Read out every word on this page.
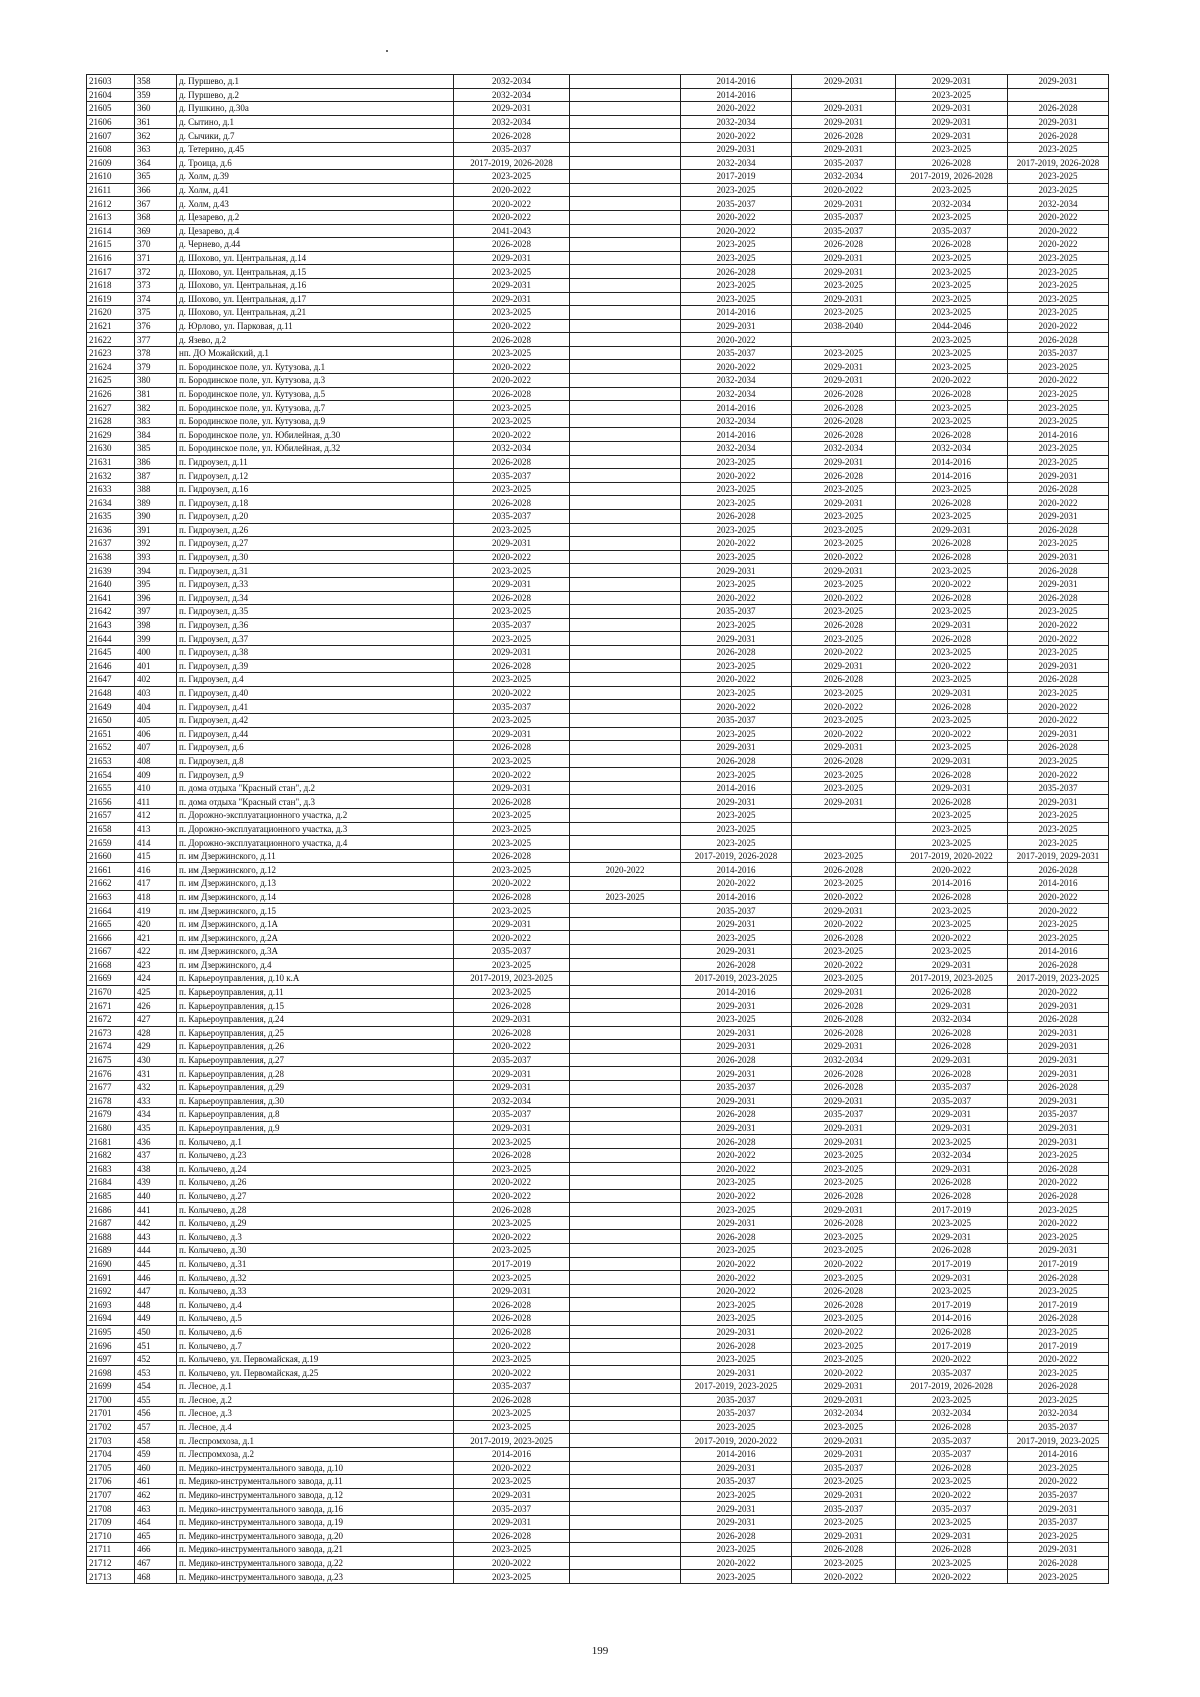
21603	358	д. Пуршево, д.1	2032-2034		2014-2016	2029-2031	2029-2031	2029-2031
21604	359	д. Пуршево, д.2	2032-2034		2014-2016		2023-2025	
21605	360	д. Пушкино, д.30а	2029-2031		2020-2022	2029-2031	2029-2031	2026-2028
21606	361	д. Сытино, д.1	2032-2034		2032-2034	2029-2031	2029-2031	2029-2031
21607	362	д. Сычики, д.7	2026-2028		2020-2022	2026-2028	2029-2031	2026-2028
21608	363	д. Тетерино, д.45	2035-2037		2029-2031	2029-2031	2023-2025	2023-2025
21609	364	д. Троица, д.6	2017-2019, 2026-2028		2032-2034	2035-2037	2026-2028	2017-2019, 2026-2028
21610	365	д. Холм, д.39	2023-2025		2017-2019	2032-2034	2017-2019, 2026-2028	2023-2025
21611	366	д. Холм, д.41	2020-2022		2023-2025	2020-2022	2023-2025	2023-2025
21612	367	д. Холм, д.43	2020-2022		2035-2037	2029-2031	2032-2034	2032-2034
21613	368	д. Цезарево, д.2	2020-2022		2020-2022	2035-2037	2023-2025	2020-2022
21614	369	д. Цезарево, д.4	2041-2043		2020-2022	2035-2037	2035-2037	2020-2022
21615	370	д. Чернево, д.44	2026-2028		2023-2025	2026-2028	2026-2028	2020-2022
21616	371	д. Шохово, ул. Центральная, д.14	2029-2031		2023-2025	2029-2031	2023-2025	2023-2025
21617	372	д. Шохово, ул. Центральная, д.15	2023-2025		2026-2028	2029-2031	2023-2025	2023-2025
21618	373	д. Шохово, ул. Центральная, д.16	2029-2031		2023-2025	2023-2025	2023-2025	2023-2025
21619	374	д. Шохово, ул. Центральная, д.17	2029-2031		2023-2025	2029-2031	2023-2025	2023-2025
21620	375	д. Шохово, ул. Центральная, д.21	2023-2025		2014-2016	2023-2025	2023-2025	2023-2025
21621	376	д. Юрлово, ул. Парковая, д.11	2020-2022		2029-2031	2038-2040	2044-2046	2020-2022
21622	377	д. Язево, д.2	2026-2028		2020-2022		2023-2025	2026-2028
21623	378	нп. ДО Можайский, д.1	2023-2025		2035-2037	2023-2025	2023-2025	2035-2037
21624	379	п. Бородинское поле, ул. Кутузова, д.1	2020-2022		2020-2022	2029-2031	2023-2025	2023-2025
21625	380	п. Бородинское поле, ул. Кутузова, д.3	2020-2022		2032-2034	2029-2031	2020-2022	2020-2022
21626	381	п. Бородинское поле, ул. Кутузова, д.5	2026-2028		2032-2034	2026-2028	2026-2028	2023-2025
21627	382	п. Бородинское поле, ул. Кутузова, д.7	2023-2025		2014-2016	2026-2028	2023-2025	2023-2025
21628	383	п. Бородинское поле, ул. Кутузова, д.9	2023-2025		2032-2034	2026-2028	2023-2025	2023-2025
21629	384	п. Бородинское поле, ул. Юбилейная, д.30	2020-2022		2014-2016	2026-2028	2026-2028	2014-2016
21630	385	п. Бородинское поле, ул. Юбилейная, д.32	2032-2034		2032-2034	2032-2034	2032-2034	2023-2025
21631	386	п. Гидроузел, д.11	2026-2028		2023-2025	2029-2031	2014-2016	2023-2025
21632	387	п. Гидроузел, д.12	2035-2037		2020-2022	2026-2028	2014-2016	2029-2031
21633	388	п. Гидроузел, д.16	2023-2025		2023-2025	2023-2025	2023-2025	2026-2028
21634	389	п. Гидроузел, д.18	2026-2028		2023-2025	2029-2031	2026-2028	2020-2022
21635	390	п. Гидроузел, д.20	2035-2037		2026-2028	2023-2025	2023-2025	2029-2031
21636	391	п. Гидроузел, д.26	2023-2025		2023-2025	2023-2025	2029-2031	2026-2028
21637	392	п. Гидроузел, д.27	2029-2031		2020-2022	2023-2025	2026-2028	2023-2025
21638	393	п. Гидроузел, д.30	2020-2022		2023-2025	2020-2022	2026-2028	2029-2031
21639	394	п. Гидроузел, д.31	2023-2025		2029-2031	2029-2031	2023-2025	2026-2028
21640	395	п. Гидроузел, д.33	2029-2031		2023-2025	2023-2025	2020-2022	2029-2031
21641	396	п. Гидроузел, д.34	2026-2028		2020-2022	2020-2022	2026-2028	2026-2028
21642	397	п. Гидроузел, д.35	2023-2025		2035-2037	2023-2025	2023-2025	2023-2025
21643	398	п. Гидроузел, д.36	2035-2037		2023-2025	2026-2028	2029-2031	2020-2022
21644	399	п. Гидроузел, д.37	2023-2025		2029-2031	2023-2025	2026-2028	2020-2022
21645	400	п. Гидроузел, д.38	2029-2031		2026-2028	2020-2022	2023-2025	2023-2025
21646	401	п. Гидроузел, д.39	2026-2028		2023-2025	2029-2031	2020-2022	2029-2031
21647	402	п. Гидроузел, д.4	2023-2025		2020-2022	2026-2028	2023-2025	2026-2028
21648	403	п. Гидроузел, д.40	2020-2022		2023-2025	2023-2025	2029-2031	2023-2025
21649	404	п. Гидроузел, д.41	2035-2037		2020-2022	2020-2022	2026-2028	2020-2022
21650	405	п. Гидроузел, д.42	2023-2025		2035-2037	2023-2025	2023-2025	2020-2022
21651	406	п. Гидроузел, д.44	2029-2031		2023-2025	2020-2022	2020-2022	2029-2031
21652	407	п. Гидроузел, д.6	2026-2028		2029-2031	2029-2031	2023-2025	2026-2028
21653	408	п. Гидроузел, д.8	2023-2025		2026-2028	2026-2028	2029-2031	2023-2025
21654	409	п. Гидроузел, д.9	2020-2022		2023-2025	2023-2025	2026-2028	2020-2022
21655	410	п. дома отдыха "Красный стан", д.2	2029-2031		2014-2016	2023-2025	2029-2031	2035-2037
21656	411	п. дома отдыха "Красный стан", д.3	2026-2028		2029-2031	2029-2031	2026-2028	2029-2031
21657	412	п. Дорожно-эксплуатационного участка, д.2	2023-2025		2023-2025		2023-2025	2023-2025
21658	413	п. Дорожно-эксплуатационного участка, д.3	2023-2025		2023-2025		2023-2025	2023-2025
21659	414	п. Дорожно-эксплуатационного участка, д.4	2023-2025		2023-2025		2023-2025	2023-2025
21660	415	п. им Дзержинского, д.11	2026-2028		2017-2019, 2026-2028	2023-2025	2017-2019, 2020-2022	2017-2019, 2029-2031
21661	416	п. им Дзержинского, д.12	2023-2025	2020-2022	2014-2016	2026-2028	2020-2022	2026-2028
21662	417	п. им Дзержинского, д.13	2020-2022		2020-2022	2023-2025	2014-2016	2014-2016
21663	418	п. им Дзержинского, д.14	2026-2028	2023-2025	2014-2016	2020-2022	2026-2028	2020-2022
21664	419	п. им Дзержинского, д.15	2023-2025		2035-2037	2029-2031	2023-2025	2020-2022
21665	420	п. им Дзержинского, д.1А	2029-2031		2029-2031	2020-2022	2023-2025	2023-2025
21666	421	п. им Дзержинского, д.2А	2020-2022		2023-2025	2026-2028	2020-2022	2023-2025
21667	422	п. им Дзержинского, д.3А	2035-2037		2029-2031	2023-2025	2023-2025	2014-2016
21668	423	п. им Дзержинского, д.4	2023-2025		2026-2028	2020-2022	2029-2031	2026-2028
21669	424	п. Карьероуправления, д.10 к.А	2017-2019, 2023-2025		2017-2019, 2023-2025	2023-2025	2017-2019, 2023-2025	2017-2019, 2023-2025
21670	425	п. Карьероуправления, д.11	2023-2025		2014-2016	2029-2031	2026-2028	2020-2022
21671	426	п. Карьероуправления, д.15	2026-2028		2029-2031	2026-2028	2029-2031	2029-2031
21672	427	п. Карьероуправления, д.24	2029-2031		2023-2025	2026-2028	2032-2034	2026-2028
21673	428	п. Карьероуправления, д.25	2026-2028		2029-2031	2026-2028	2026-2028	2029-2031
21674	429	п. Карьероуправления, д.26	2020-2022		2029-2031	2029-2031	2026-2028	2029-2031
21675	430	п. Карьероуправления, д.27	2035-2037		2026-2028	2032-2034	2029-2031	2029-2031
21676	431	п. Карьероуправления, д.28	2029-2031		2029-2031	2026-2028	2026-2028	2029-2031
21677	432	п. Карьероуправления, д.29	2029-2031		2035-2037	2026-2028	2035-2037	2026-2028
21678	433	п. Карьероуправления, д.30	2032-2034		2029-2031	2029-2031	2035-2037	2029-2031
21679	434	п. Карьероуправления, д.8	2035-2037		2026-2028	2035-2037	2029-2031	2035-2037
21680	435	п. Карьероуправления, д.9	2029-2031		2029-2031	2029-2031	2029-2031	2029-2031
21681	436	п. Колычево, д.1	2023-2025		2026-2028	2029-2031	2023-2025	2029-2031
21682	437	п. Колычево, д.23	2026-2028		2020-2022	2023-2025	2032-2034	2023-2025
21683	438	п. Колычево, д.24	2023-2025		2020-2022	2023-2025	2029-2031	2026-2028
21684	439	п. Колычево, д.26	2020-2022		2023-2025	2023-2025	2026-2028	2020-2022
21685	440	п. Колычево, д.27	2020-2022		2020-2022	2026-2028	2026-2028	2026-2028
21686	441	п. Колычево, д.28	2026-2028		2023-2025	2029-2031	2017-2019	2023-2025
21687	442	п. Колычево, д.29	2023-2025		2029-2031	2026-2028	2023-2025	2020-2022
21688	443	п. Колычево, д.3	2020-2022		2026-2028	2023-2025	2029-2031	2023-2025
21689	444	п. Колычево, д.30	2023-2025		2023-2025	2023-2025	2026-2028	2029-2031
21690	445	п. Колычево, д.31	2017-2019		2020-2022	2020-2022	2017-2019	2017-2019
21691	446	п. Колычево, д.32	2023-2025		2020-2022	2023-2025	2029-2031	2026-2028
21692	447	п. Колычево, д.33	2029-2031		2020-2022	2026-2028	2023-2025	2023-2025
21693	448	п. Колычево, д.4	2026-2028		2023-2025	2026-2028	2017-2019	2017-2019
21694	449	п. Колычево, д.5	2026-2028		2023-2025	2023-2025	2014-2016	2026-2028
21695	450	п. Колычево, д.6	2026-2028		2029-2031	2020-2022	2026-2028	2023-2025
21696	451	п. Колычево, д.7	2020-2022		2026-2028	2023-2025	2017-2019	2017-2019
21697	452	п. Колычево, ул. Первомайская, д.19	2023-2025		2023-2025	2023-2025	2020-2022	2020-2022
21698	453	п. Колычево, ул. Первомайская, д.25	2020-2022		2029-2031	2020-2022	2035-2037	2023-2025
21699	454	п. Лесное, д.1	2035-2037		2017-2019, 2023-2025	2029-2031	2017-2019, 2026-2028	2026-2028
21700	455	п. Лесное, д.2	2026-2028		2035-2037	2029-2031	2023-2025	2023-2025
21701	456	п. Лесное, д.3	2023-2025		2035-2037	2032-2034	2032-2034	2032-2034
21702	457	п. Лесное, д.4	2023-2025		2023-2025	2023-2025	2026-2028	2035-2037
21703	458	п. Леспромхоза, д.1	2017-2019, 2023-2025		2017-2019, 2020-2022	2029-2031	2035-2037	2017-2019, 2023-2025
21704	459	п. Леспромхоза, д.2	2014-2016		2014-2016	2029-2031	2035-2037	2014-2016
21705	460	п. Медико-инструментального завода, д.10	2020-2022		2029-2031	2035-2037	2026-2028	2023-2025
21706	461	п. Медико-инструментального завода, д.11	2023-2025		2035-2037	2023-2025	2023-2025	2020-2022
21707	462	п. Медико-инструментального завода, д.12	2029-2031		2023-2025	2029-2031	2020-2022	2035-2037
21708	463	п. Медико-инструментального завода, д.16	2035-2037		2029-2031	2035-2037	2035-2037	2029-2031
21709	464	п. Медико-инструментального завода, д.19	2029-2031		2029-2031	2023-2025	2023-2025	2035-2037
21710	465	п. Медико-инструментального завода, д.20	2026-2028		2026-2028	2029-2031	2029-2031	2023-2025
21711	466	п. Медико-инструментального завода, д.21	2023-2025		2023-2025	2026-2028	2026-2028	2029-2031
21712	467	п. Медико-инструментального завода, д.22	2020-2022		2020-2022	2023-2025	2023-2025	2026-2028
21713	468	п. Медико-инструментального завода, д.23	2023-2025		2023-2025	2020-2022	2020-2022	2023-2025
199
